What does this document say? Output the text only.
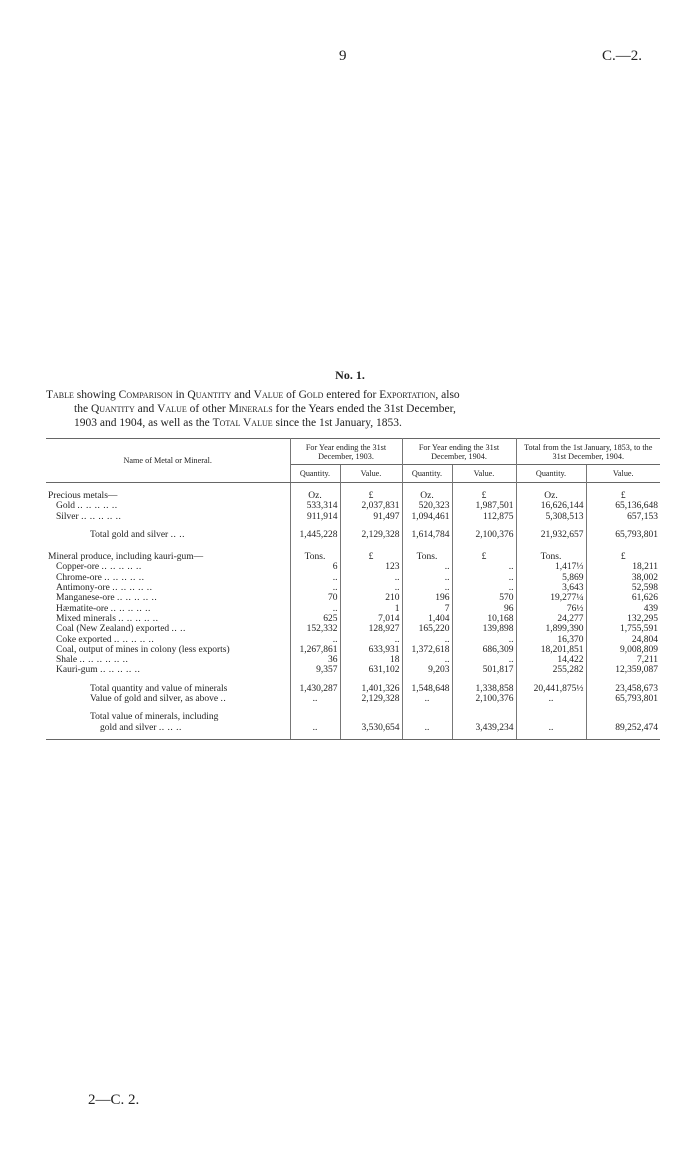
9	C.—2.
No. 1.
Table showing Comparison in Quantity and Value of Gold entered for Exportation, also
the Quantity and Value of other Minerals for the Years ended the 31st December,
1903 and 1904, as well as the Total Value since the 1st January, 1853.
Name of Metal or Mineral.	For Year ending the 31st December, 1903.		For Year ending the 31st December, 1904.		Total from the 1st January, 1853, to the 31st December, 1904.	
	Quantity.	Value.	Quantity.	Value.	Quantity.	Value.

Precious metals—	Oz.	£	Oz.	£	Oz.	£
Gold .. .. .. .. ..	533,314	2,037,831	520,323	1,987,501	16,626,144	65,136,648
Silver .. .. .. .. ..	911,914	91,497	1,094,461	112,875	5,308,513	657,153

Total gold and silver .. ..	1,445,228	2,129,328	1,614,784	2,100,376	21,932,657	65,793,801

Mineral produce, including kauri-gum—	Tons.	£	Tons.	£	Tons.	£
Copper-ore .. .. .. .. ..	6	123	..	..	1,417⅓	18,211
Chrome-ore .. .. .. .. ..	..	..	..	..	5,869	38,002
Antimony-ore .. .. .. .. ..	..	..	..	..	3,643	52,598
Manganese-ore .. .. .. .. ..	70	210	196	570	19,277¼	61,626
Hæmatite-ore .. .. .. .. ..	..	1	7	96	76½	439
Mixed minerals .. .. .. .. ..	625	7,014	1,404	10,168	24,277	132,295
Coal (New Zealand) exported .. ..	152,332	128,927	165,220	139,898	1,899,390	1,755,591
Coke exported .. .. .. .. ..	..	..	..	..	16,370	24,804
Coal, output of mines in colony (less exports)	1,267,861	633,931	1,372,618	686,309	18,201,851	9,008,809
Shale .. .. .. .. .. ..	36	18	..	..	14,422	7,211
Kauri-gum .. .. .. .. ..	9,357	631,102	9,203	501,817	255,282	12,359,087

Total quantity and value of minerals	1,430,287	1,401,326	1,548,648	1,338,858	20,441,875½	23,458,673
Value of gold and silver, as above ..	..	2,129,328	..	2,100,376	..	65,793,801

Total value of minerals, including						
gold and silver .. .. ..	..	3,530,654	..	3,439,234	..	89,252,474
2—C. 2.
